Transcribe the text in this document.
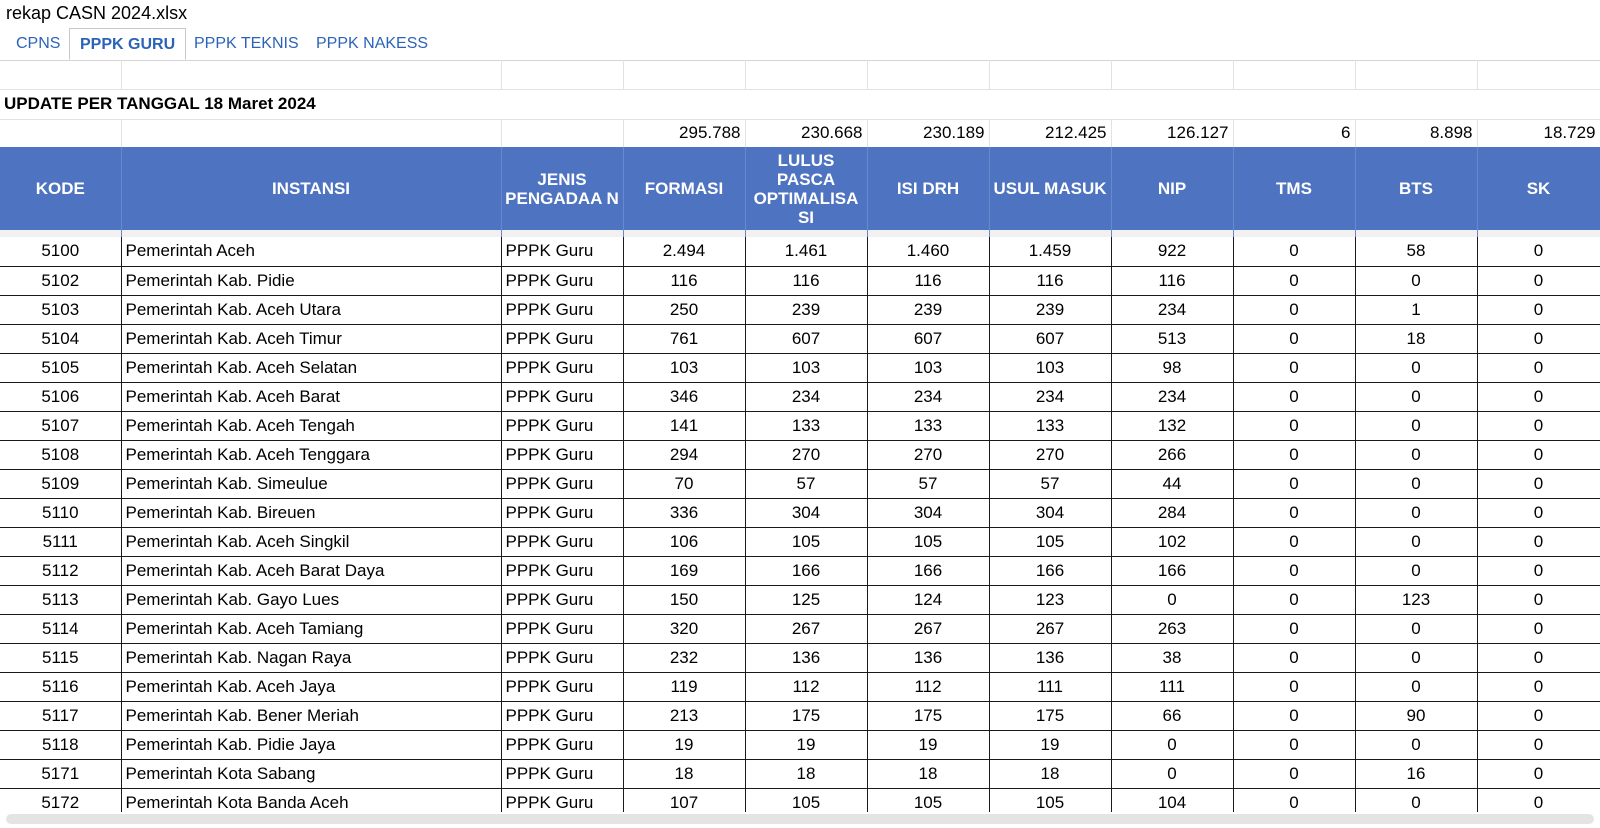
rekap CASN 2024.xlsx
CPNS	PPPK GURU	PPPK TEKNIS	PPPK NAKESS

UPDATE PER TANGGAL 18 Maret 2024										
			295.788	230.668	230.189	212.425	126.127	6	8.898	18.729
KODE	INSTANSI	JENIS PENGADAA N	FORMASI	LULUS PASCA OPTIMALISA SI	ISI DRH	USUL MASUK	NIP	TMS	BTS	SK

5100	Pemerintah Aceh	PPPK Guru	2.494	1.461	1.460	1.459	922	0	58	0
5102	Pemerintah Kab. Pidie	PPPK Guru	116	116	116	116	116	0	0	0
5103	Pemerintah Kab. Aceh Utara	PPPK Guru	250	239	239	239	234	0	1	0
5104	Pemerintah Kab. Aceh Timur	PPPK Guru	761	607	607	607	513	0	18	0
5105	Pemerintah Kab. Aceh Selatan	PPPK Guru	103	103	103	103	98	0	0	0
5106	Pemerintah Kab. Aceh Barat	PPPK Guru	346	234	234	234	234	0	0	0
5107	Pemerintah Kab. Aceh Tengah	PPPK Guru	141	133	133	133	132	0	0	0
5108	Pemerintah Kab. Aceh Tenggara	PPPK Guru	294	270	270	270	266	0	0	0
5109	Pemerintah Kab. Simeulue	PPPK Guru	70	57	57	57	44	0	0	0
5110	Pemerintah Kab. Bireuen	PPPK Guru	336	304	304	304	284	0	0	0
5111	Pemerintah Kab. Aceh Singkil	PPPK Guru	106	105	105	105	102	0	0	0
5112	Pemerintah Kab. Aceh Barat Daya	PPPK Guru	169	166	166	166	166	0	0	0
5113	Pemerintah Kab. Gayo Lues	PPPK Guru	150	125	124	123	0	0	123	0
5114	Pemerintah Kab. Aceh Tamiang	PPPK Guru	320	267	267	267	263	0	0	0
5115	Pemerintah Kab. Nagan Raya	PPPK Guru	232	136	136	136	38	0	0	0
5116	Pemerintah Kab. Aceh Jaya	PPPK Guru	119	112	112	111	111	0	0	0
5117	Pemerintah Kab. Bener Meriah	PPPK Guru	213	175	175	175	66	0	90	0
5118	Pemerintah Kab. Pidie Jaya	PPPK Guru	19	19	19	19	0	0	0	0
5171	Pemerintah Kota Sabang	PPPK Guru	18	18	18	18	0	0	16	0
5172	Pemerintah Kota Banda Aceh	PPPK Guru	107	105	105	105	104	0	0	0
